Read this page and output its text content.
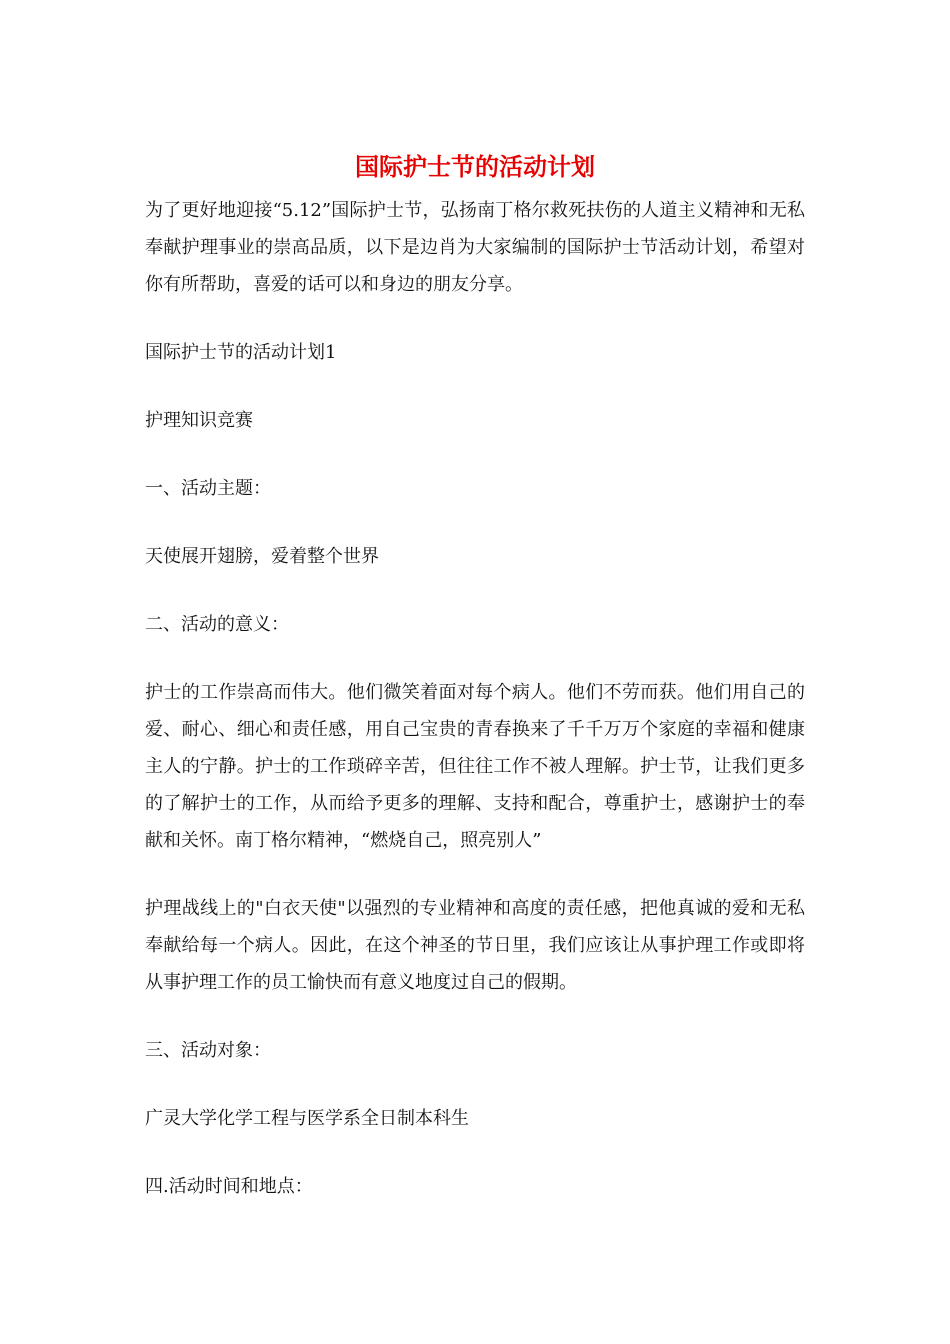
国际护士节的活动计划

为了更好地迎接“5.12”国际护士节，弘扬南丁格尔救死扶伤的人道主义精神和无私奉献护理事业的崇高品质，以下是边肖为大家编制的国际护士节活动计划，希望对你有所帮助，喜爱的话可以和身边的朋友分享。

国际护士节的活动计划1

护理知识竞赛

一、活动主题：

天使展开翅膀，爱着整个世界

二、活动的意义：

护士的工作崇高而伟大。他们微笑着面对每个病人。他们不劳而获。他们用自己的爱、耐心、细心和责任感，用自己宝贵的青春换来了千千万万个家庭的幸福和健康主人的宁静。护士的工作琐碎辛苦，但往往工作不被人理解。护士节，让我们更多的了解护士的工作，从而给予更多的理解、支持和配合，尊重护士，感谢护士的奉献和关怀。南丁格尔精神，“燃烧自己，照亮别人”

护理战线上的"白衣天使"以强烈的专业精神和高度的责任感，把他真诚的爱和无私奉献给每一个病人。因此，在这个神圣的节日里，我们应该让从事护理工作或即将从事护理工作的员工愉快而有意义地度过自己的假期。

三、活动对象：

广灵大学化学工程与医学系全日制本科生

四.活动时间和地点：
